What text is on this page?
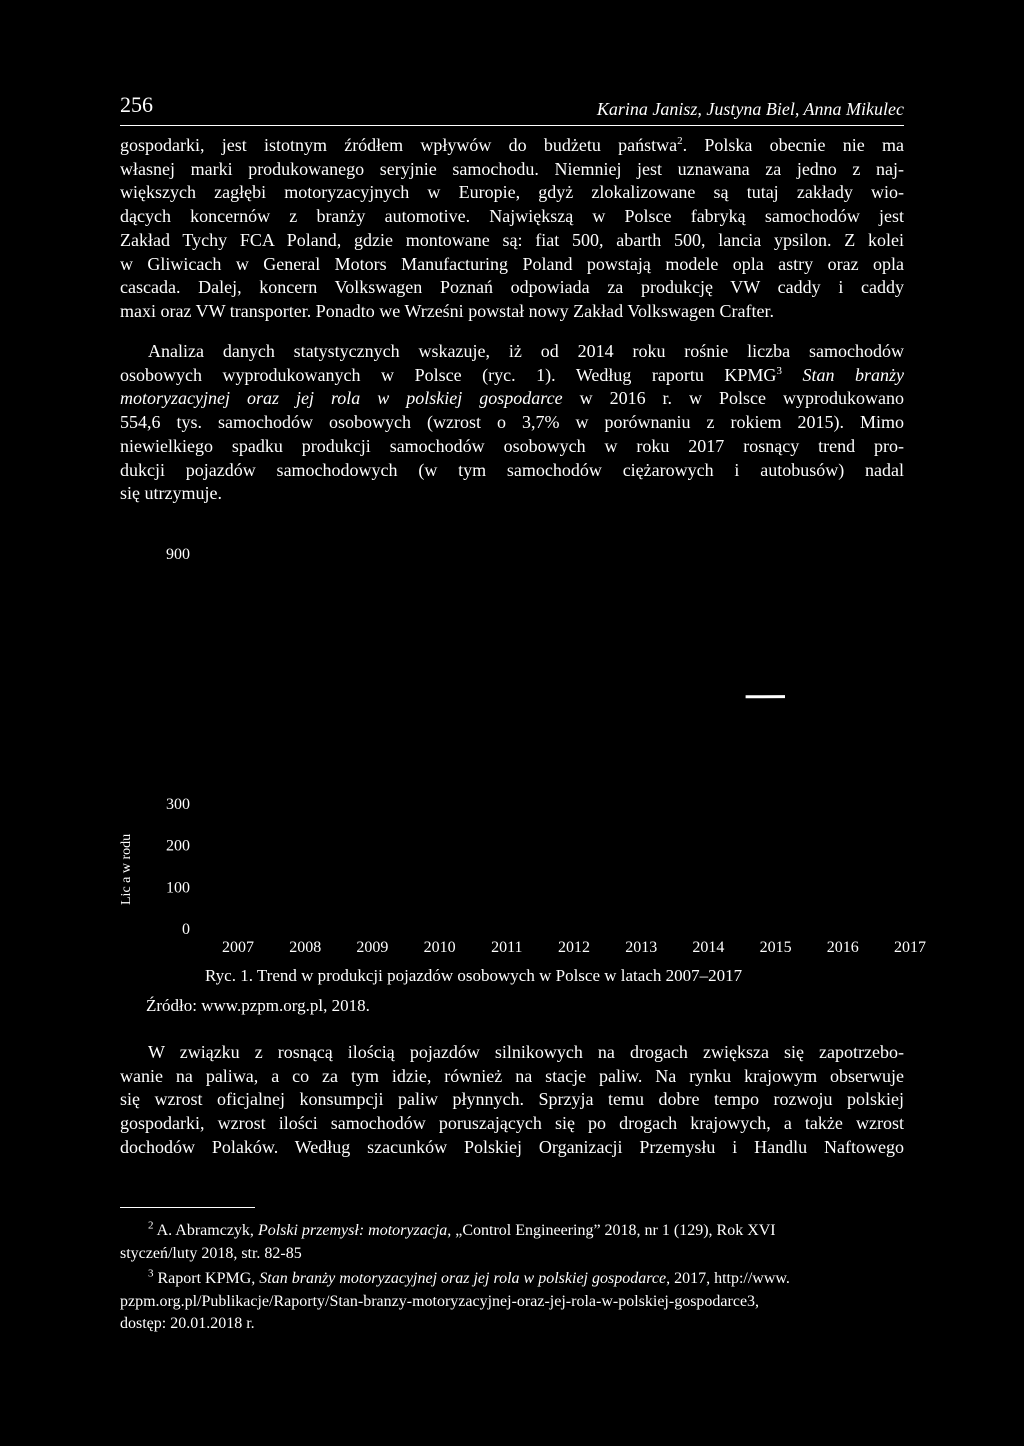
256	Karina Janisz, Justyna Biel, Anna Mikulec
gospodarki, jest istotnym źródłem wpływów do budżetu państwa$^2$. Polska obecnie nie ma
własnej marki produkowanego seryjnie samochodu. Niemniej jest uznawana za jedno z naj-
większych zagłębi motoryzacyjnych w Europie, gdyż zlokalizowane są tutaj zakłady wio-
dących koncernów z branży automotive. Największą w Polsce fabryką samochodów jest
Zakład Tychy FCA Poland, gdzie montowane są: fiat 500, abarth 500, lancia ypsilon. Z kolei
w Gliwicach w General Motors Manufacturing Poland powstają modele opla astry oraz opla
cascada. Dalej, koncern Volkswagen Poznań odpowiada za produkcję VW caddy i caddy
maxi oraz VW transporter. Ponadto we Wrześni powstał nowy Zakład Volkswagen Crafter.
Analiza danych statystycznych wskazuje, iż od 2014 roku rośnie liczba samochodów
osobowych wyprodukowanych w Polsce (ryc. 1). Według raportu KPMG$^3$ Stan branży
motoryzacyjnej oraz jej rola w polskiej gospodarce w 2016 r. w Polsce wyprodukowano
554,6 tys. samochodów osobowych (wzrost o 3,7% w porównaniu z rokiem 2015). Mimo
niewielkiego spadku produkcji samochodów osobowych w roku 2017 rosnący trend pro-
dukcji pojazdów samochodowych (w tym samochodów ciężarowych i autobusów) nadal
się utrzymuje.
900
300
200
100
0
2007 2008 2009 2010 2011 2012 2013 2014 2015 2016 2017
Lic a w rodu
Ryc. 1. Trend w produkcji pojazdów osobowych w Polsce w latach 2007–2017
Źródło: www.pzpm.org.pl, 2018.
W związku z rosnącą ilością pojazdów silnikowych na drogach zwiększa się zapotrzebo-
wanie na paliwa, a co za tym idzie, również na stacje paliw. Na rynku krajowym obserwuje
się wzrost oficjalnej konsumpcji paliw płynnych. Sprzyja temu dobre tempo rozwoju polskiej
gospodarki, wzrost ilości samochodów poruszających się po drogach krajowych, a także wzrost
dochodów Polaków. Według szacunków Polskiej Organizacji Przemysłu i Handlu Naftowego
$^2$ A. Abramczyk, Polski przemysł: motoryzacja, „Control Engineering” 2018, nr 1 (129), Rok XVI
styczeń/luty 2018, str. 82-85
$^3$ Raport KPMG, Stan branży motoryzacyjnej oraz jej rola w polskiej gospodarce, 2017, http://www.
pzpm.org.pl/Publikacje/Raporty/Stan-branzy-motoryzacyjnej-oraz-jej-rola-w-polskiej-gospodarce3,
dostęp: 20.01.2018 r.
